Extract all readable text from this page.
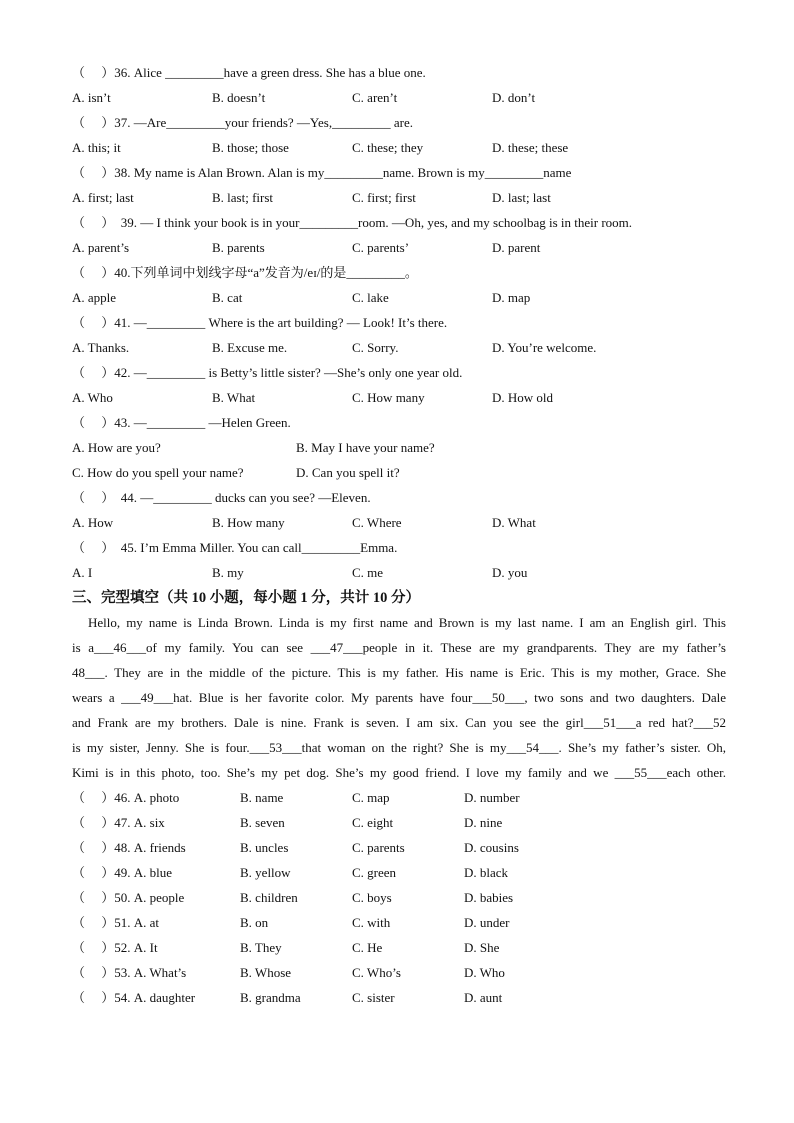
（　 ）36. Alice _________have a green dress. She has a blue one.
A. isn’t	B. doesn’t	C. aren’t	D. don’t
（　 ）37. —Are_________your friends? —Yes,_________ are.
A. this; it	B. those; those	C. these; they	D. these; these
（　 ）38. My name is Alan Brown. Alan is my_________name. Brown is my_________name
A. first; last	B. last; first	C. first; first	D. last; last
（　 ）　39. — I think your book is in your_________room. —Oh, yes, and my schoolbag is in their room.
A. parent’s	B. parents	C. parents’	D. parent
（　 ）40.下列单词中划线字母“a”发音为/eɪ/的是_________。
A. apple	B. cat	C. lake	D. map
（　 ）41. —_________ Where is the art building? — Look! It’s there.
A. Thanks.	B. Excuse me.	C. Sorry.	D. You’re welcome.
（　 ）42. —_________ is Betty’s little sister? —She’s only one year old.
A. Who	B. What	C. How many	D. How old
（　 ）43. —_________ —Helen Green.
A. How are you?	B. May I have your name?
C. How do you spell your name?	D. Can you spell it?
（　 ）　44. —_________ ducks can you see? —Eleven.
A. How	B. How many	C. Where	D. What
（　 ）　45. I’m Emma Miller. You can call_________Emma.
A. I	B. my	C. me	D. you
三、完型填空（共 10 小题，每小题 1 分，共计 10 分）
Hello, my name is Linda Brown. Linda is my first name and Brown is my last name. I am an English girl. This
is a___46___of my family. You can see ___47___people in it. These are my grandparents. They are my father’s
48___. They are in the middle of the picture. This is my father. His name is Eric. This is my mother, Grace. She
wears a ___49___hat. Blue is her favorite color. My parents have four___50___, two sons and two daughters. Dale
and Frank are my brothers. Dale is nine. Frank is seven. I am six. Can you see the girl___51___a red hat?___52
is my sister, Jenny. She is four.___53___that woman on the right? She is my___54___. She’s my father’s sister. Oh,
Kimi is in this photo, too. She’s my pet dog. She’s my good friend. I love my family and we ___55___each other.
（　 ）46. A. photo	B. name	C. map	D. number
（　 ）47. A. six	B. seven	C. eight	D. nine
（　 ）48. A. friends	B. uncles	C. parents	D. cousins
（　 ）49. A. blue	B. yellow	C. green	D. black
（　 ）50. A. people	B. children	C. boys	D. babies
（　 ）51. A. at	B. on	C. with	D. under
（　 ）52. A. It	B. They	C. He	D. She
（　 ）53. A. What’s	B. Whose	C. Who’s	D. Who
（　 ）54. A. daughter	B. grandma	C. sister	D. aunt
